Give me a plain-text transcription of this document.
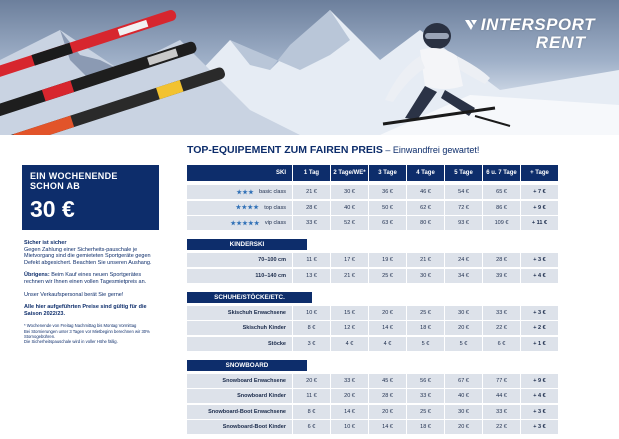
INTERSPORT
RENT
EIN WOCHENENDE
SCHON AB
30 €

Sicher ist sicher
Gegen Zahlung einer Sicherheits-pauschale je Mietvorgang sind die gemieteten Sportgeräte gegen Defekt abgesichert. Beachten Sie unseren Aushang.

Übrigens: Beim Kauf eines neuen Sportgerätes rechnen wir Ihnen einen vollen Tagesmietpreis an.

Unser Verkaufspersonal berät Sie gerne!

Alle hier aufgeführten Preise sind gültig für die Saison 2022/23.

* Wochenende von Freitag Nachmittag bis Montag Vormittag
Bei Stornierungen unter 3 Tagen vor Mietbeginn berechnen wir 30% Stornogebühren.
Die Sicherheitspauschale wird in voller Höhe fällig.
TOP-EQUIPEMENT ZUM FAIREN PREIS – Einwandfrei gewartet!
SKI	1 Tag	2 Tage/WE*	3 Tage	4 Tage	5 Tage	6 u. 7 Tage	+ Tage
★★★ basic class	21 €	30 €	36 €	46 €	54 €	65 €	+ 7 €
★★★★ top class	28 €	40 €	50 €	62 €	72 €	86 €	+ 9 €
★★★★★ vip class	33 €	52 €	63 €	80 €	93 €	109 €	+ 11 €
KINDERSKI
70–100 cm	11 €	17 €	19 €	21 €	24 €	28 €	+ 3 €
110–140 cm	13 €	21 €	25 €	30 €	34 €	39 €	+ 4 €
SCHUHE/STÖCKE/ETC.
Skischuh Erwachsene	10 €	15 €	20 €	25 €	30 €	33 €	+ 3 €
Skischuh Kinder	8 €	12 €	14 €	18 €	20 €	22 €	+ 2 €
Stöcke	3 €	4 €	4 €	5 €	5 €	6 €	+ 1 €
SNOWBOARD
Snowboard Erwachsene	20 €	33 €	45 €	56 €	67 €	77 €	+ 9 €
Snowboard Kinder	11 €	20 €	28 €	33 €	40 €	44 €	+ 4 €
Snowboard-Boot Erwachsene	8 €	14 €	20 €	25 €	30 €	33 €	+ 3 €
Snowboard-Boot Kinder	6 €	10 €	14 €	18 €	20 €	22 €	+ 3 €
